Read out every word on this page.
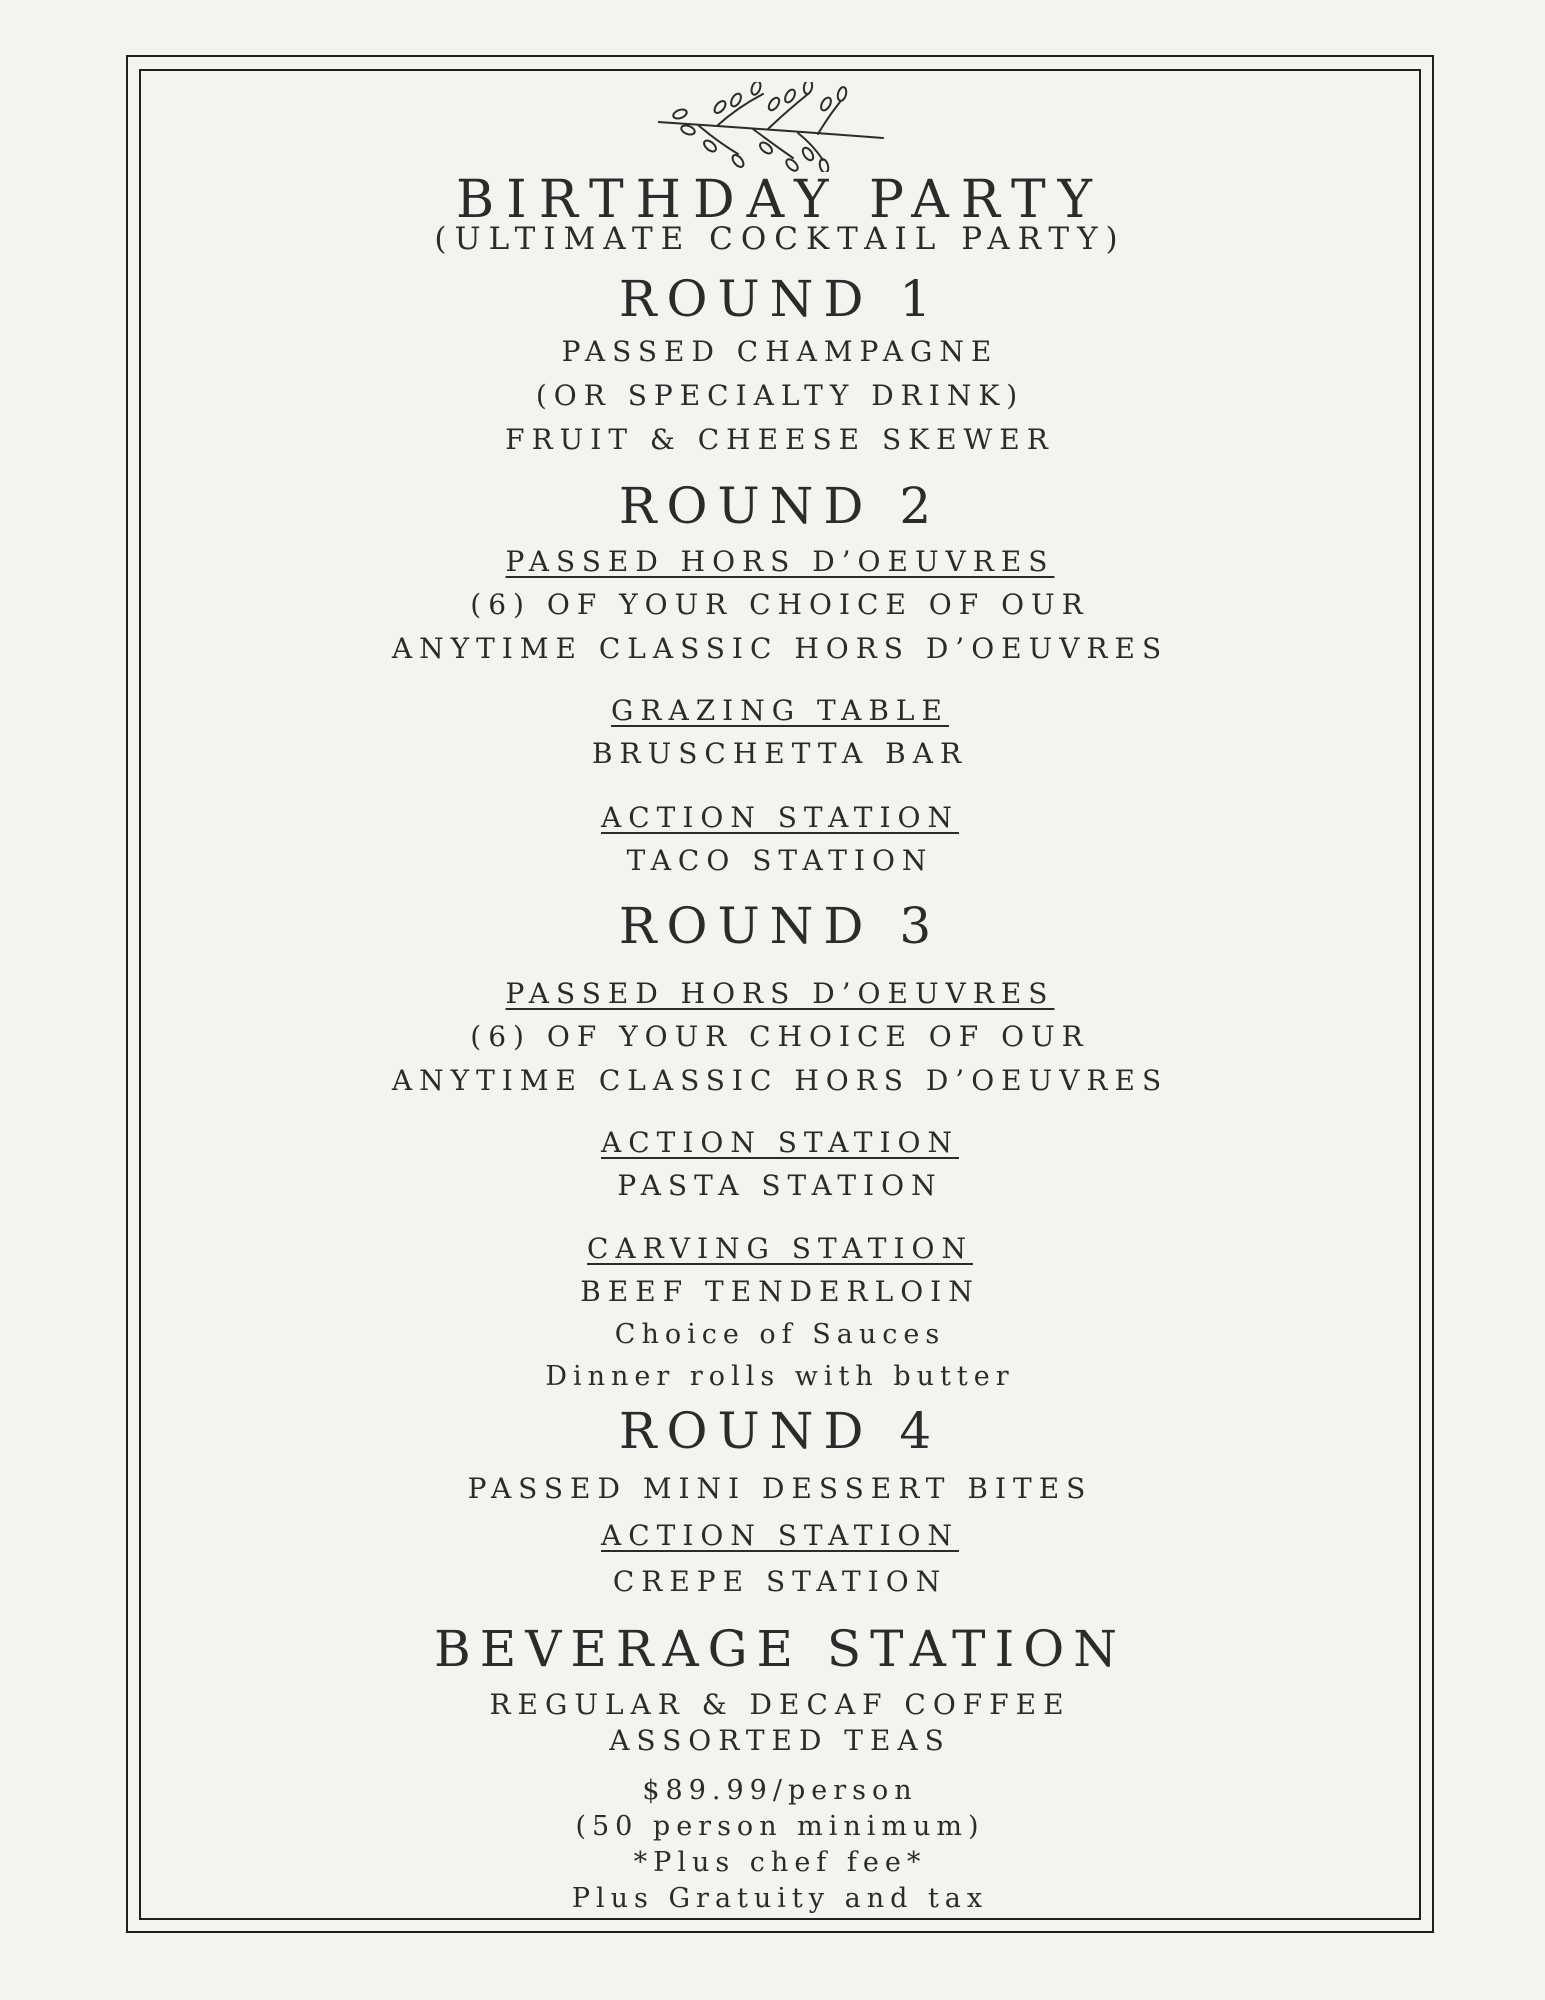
BIRTHDAY PARTY
(ULTIMATE COCKTAIL PARTY)
ROUND 1
PASSED CHAMPAGNE
(OR SPECIALTY DRINK)
FRUIT & CHEESE SKEWER
ROUND 2
PASSED HORS D’OEUVRES
(6) OF YOUR CHOICE OF OUR
ANYTIME CLASSIC HORS D’OEUVRES
GRAZING TABLE
BRUSCHETTA BAR
ACTION STATION
TACO STATION
ROUND 3
PASSED HORS D’OEUVRES
(6) OF YOUR CHOICE OF OUR
ANYTIME CLASSIC HORS D’OEUVRES
ACTION STATION
PASTA STATION
CARVING STATION
BEEF TENDERLOIN
Choice of Sauces
Dinner rolls with butter
ROUND 4
PASSED MINI DESSERT BITES
ACTION STATION
CREPE STATION
BEVERAGE STATION
REGULAR & DECAF COFFEE
ASSORTED TEAS
$89.99/person
(50 person minimum)
*Plus chef fee*
Plus Gratuity and tax
